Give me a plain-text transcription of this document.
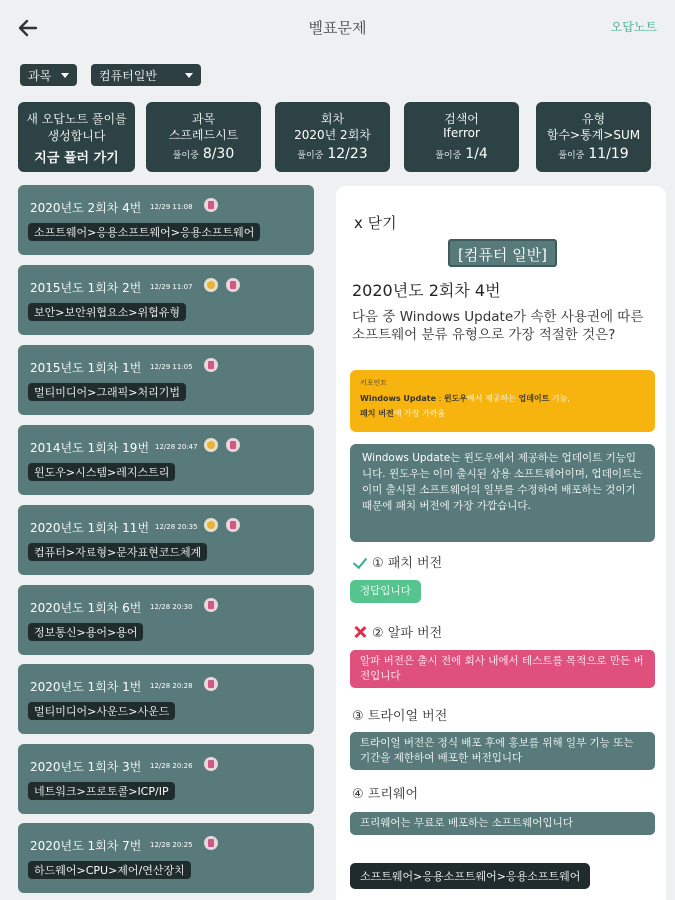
벨표문제	오답노트
과목	컴퓨터일반
새 오답노트 풀이를
생성합니다
지금 풀러 가기
과목
스프레드시트
풀이중 8/30
회차
2020년 2회차
풀이중 12/23
검색어
Iferror
풀이중 1/4
유형
함수>통계>SUM
풀이중 11/19
2020년도 2회차 4번 12/29 11:08
소프트웨어>응용소프트웨어>응용소프트웨어
2015년도 1회차 2번 12/29 11:07
보안>보안위협요소>위협유형
2015년도 1회차 1번 12/29 11:05
멀티미디어>그래픽>처리기법
2014년도 1회차 19번 12/28 20:47
윈도우>시스템>레지스트리
2020년도 1회차 11번 12/28 20:35
컴퓨터>자료형>문자표현코드체계
2020년도 1회차 6번 12/28 20:30
정보통신>용어>용어
2020년도 1회차 1번 12/28 20:28
멀티미디어>사운드>사운드
2020년도 1회차 3번 12/28 20:26
네트워크>프로토콜>ICP/IP
2020년도 1회차 7번 12/28 20:25
하드웨어>CPU>제어/연산장치
x 닫기
[컴퓨터 일반]
2020년도 2회차 4번
다음 중 Windows Update가 속한 사용권에 따른 소프트웨어 분류 유형으로 가장 적절한 것은?
키포인트
Windows Update : 윈도우에서 제공하는 업데이트 기능,
패치 버전에 가장 가까움
Windows Update는 윈도우에서 제공하는 업데이트 기능입니다. 윈도우는 이미 출시된 상용 소프트웨어이며, 업데이트는 이미 출시된 소프트웨어의 일부를 수정하여 배포하는 것이기 때문에 패치 버전에 가장 가깝습니다.
① 패치 버전
정답입니다
② 알파 버전
알파 버전은 출시 전에 회사 내에서 테스트를 목적으로 만든 버전입니다
③ 트라이얼 버전
트라이얼 버전은 정식 배포 후에 홍보를 위해 일부 기능 또는 기간을 제한하여 배포한 버전입니다
④ 프리웨어
프리웨어는 무료로 배포하는 소프트웨어입니다
소프트웨어>응용소프트웨어>응용소프트웨어
